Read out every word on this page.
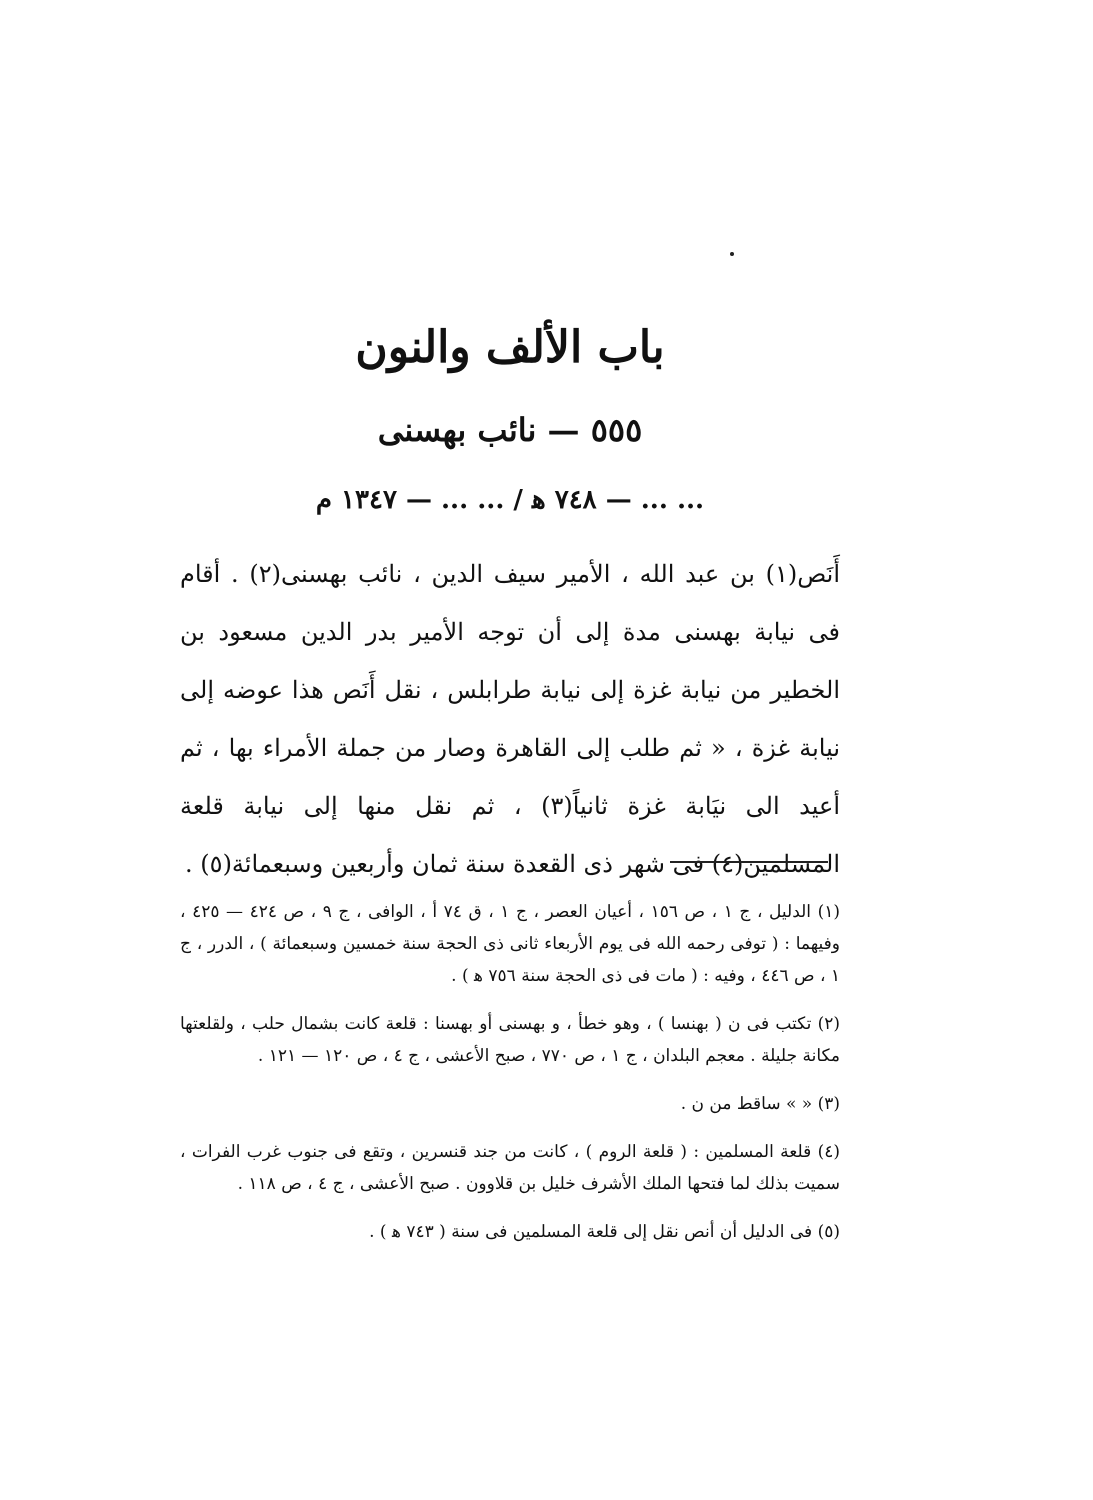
باب الألف والنون
٥٥٥ — نائب بهسنى
... ... — ٧٤٨ ﻫ / ... ... — ١٣٤٧ م

أَنَص(١) بن عبد الله ، الأمير سيف الدين ، نائب بهسنى(٢) . أقام فى نيابة بهسنى مدة إلى أن توجه الأمير بدر الدين مسعود بن الخطير من نيابة غزة إلى نيابة طرابلس ، نقل أَنَص هذا عوضه إلى نيابة غزة ، « ثم طلب إلى القاهرة وصار من جملة الأمراء بها ، ثم أعيد الى نيَابة غزة ثانياً(٣) ، ثم نقل منها إلى نيابة قلعة المسلمين(٤) فى شهر ذى القعدة سنة ثمان وأربعين وسبعمائة(٥) .

(١) الدليل ، ج ١ ، ص ١٥٦ ، أعيان العصر ، ج ١ ، ق ٧٤ أ ، الوافى ، ج ٩ ، ص ٤٢٤ — ٤٢٥ ، وفيهما : ( توفى رحمه الله فى يوم الأربعاء ثانى ذى الحجة سنة خمسين وسبعمائة ) ، الدرر ، ج ١ ، ص ٤٤٦ ، وفيه : ( مات فى ذى الحجة سنة ٧٥٦ ﻫ ) .

(٢) تكتب فى ن ( بهنسا ) ، وهو خطأ ، و بهسنى أو بهسنا : قلعة كانت بشمال حلب ، ولقلعتها مكانة جليلة . معجم البلدان ، ج ١ ، ص ٧٧٠ ، صبح الأعشى ، ج ٤ ، ص ١٢٠ — ١٢١ .

(٣) « » ساقط من ن .

(٤) قلعة المسلمين : ( قلعة الروم ) ، كانت من جند قنسرين ، وتقع فى جنوب غرب الفرات ، سميت بذلك لما فتحها الملك الأشرف خليل بن قلاوون . صبح الأعشى ، ج ٤ ، ص ١١٨ .

(٥) فى الدليل أن أنص نقل إلى قلعة المسلمين فى سنة ( ٧٤٣ ﻫ ) .
